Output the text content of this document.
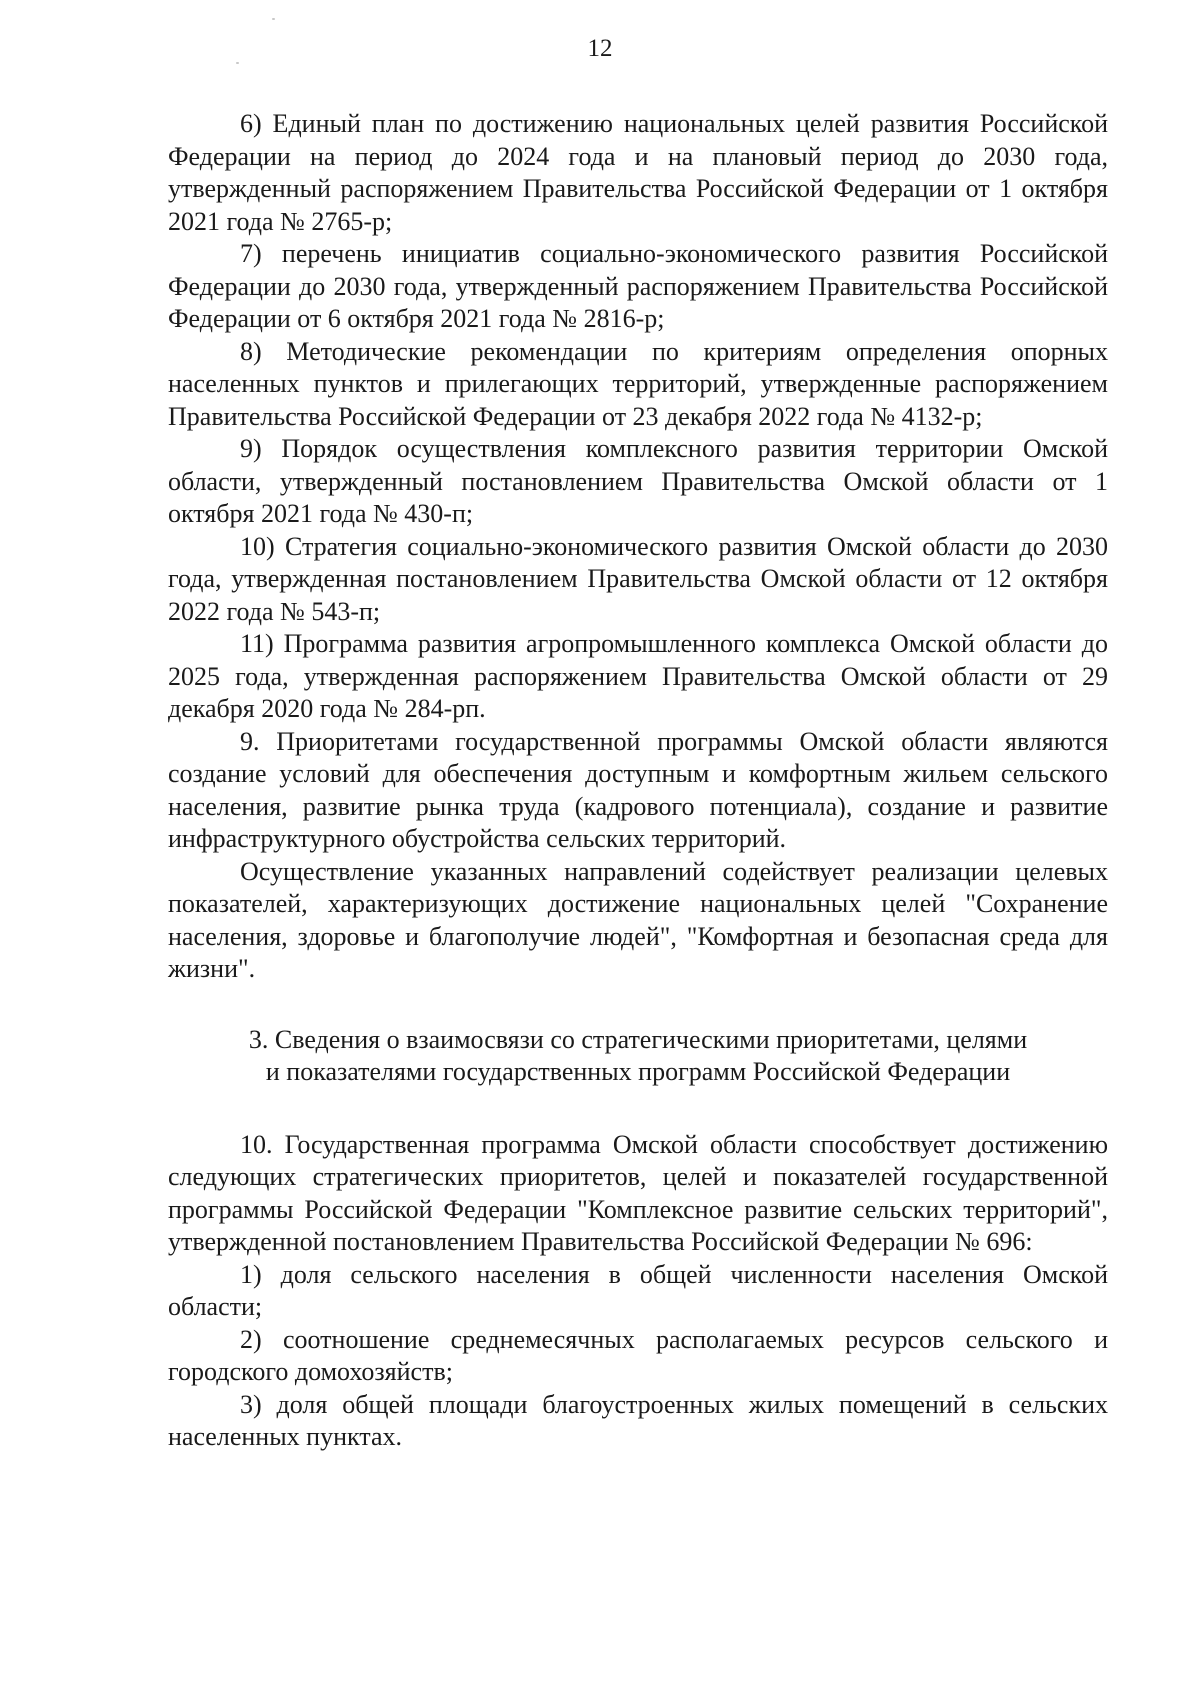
12

6) Единый план по достижению национальных целей развития Российской Федерации на период до 2024 года и на плановый период до 2030 года, утвержденный распоряжением Правительства Российской Федерации от 1 октября 2021 года № 2765-р;

7) перечень инициатив социально-экономического развития Российской Федерации до 2030 года, утвержденный распоряжением Правительства Российской Федерации от 6 октября 2021 года № 2816-р;

8) Методические рекомендации по критериям определения опорных населенных пунктов и прилегающих территорий, утвержденные распоряжением Правительства Российской Федерации от 23 декабря 2022 года № 4132-р;

9) Порядок осуществления комплексного развития территории Омской области, утвержденный постановлением Правительства Омской области от 1 октября 2021 года № 430-п;

10) Стратегия социально-экономического развития Омской области до 2030 года, утвержденная постановлением Правительства Омской области от 12 октября 2022 года № 543-п;

11) Программа развития агропромышленного комплекса Омской области до 2025 года, утвержденная распоряжением Правительства Омской области от 29 декабря 2020 года № 284-рп.

9. Приоритетами государственной программы Омской области являются создание условий для обеспечения доступным и комфортным жильем сельского населения, развитие рынка труда (кадрового потенциала), создание и развитие инфраструктурного обустройства сельских территорий.

Осуществление указанных направлений содействует реализации целевых показателей, характеризующих достижение национальных целей "Сохранение населения, здоровье и благополучие людей", "Комфортная и безопасная среда для жизни".

3. Сведения о взаимосвязи со стратегическими приоритетами, целями
и показателями государственных программ Российской Федерации

10. Государственная программа Омской области способствует достижению следующих стратегических приоритетов, целей и показателей государственной программы Российской Федерации "Комплексное развитие сельских территорий", утвержденной постановлением Правительства Российской Федерации № 696:

1) доля сельского населения в общей численности населения Омской области;

2) соотношение среднемесячных располагаемых ресурсов сельского и городского домохозяйств;

3) доля общей площади благоустроенных жилых помещений в сельских населенных пунктах.
